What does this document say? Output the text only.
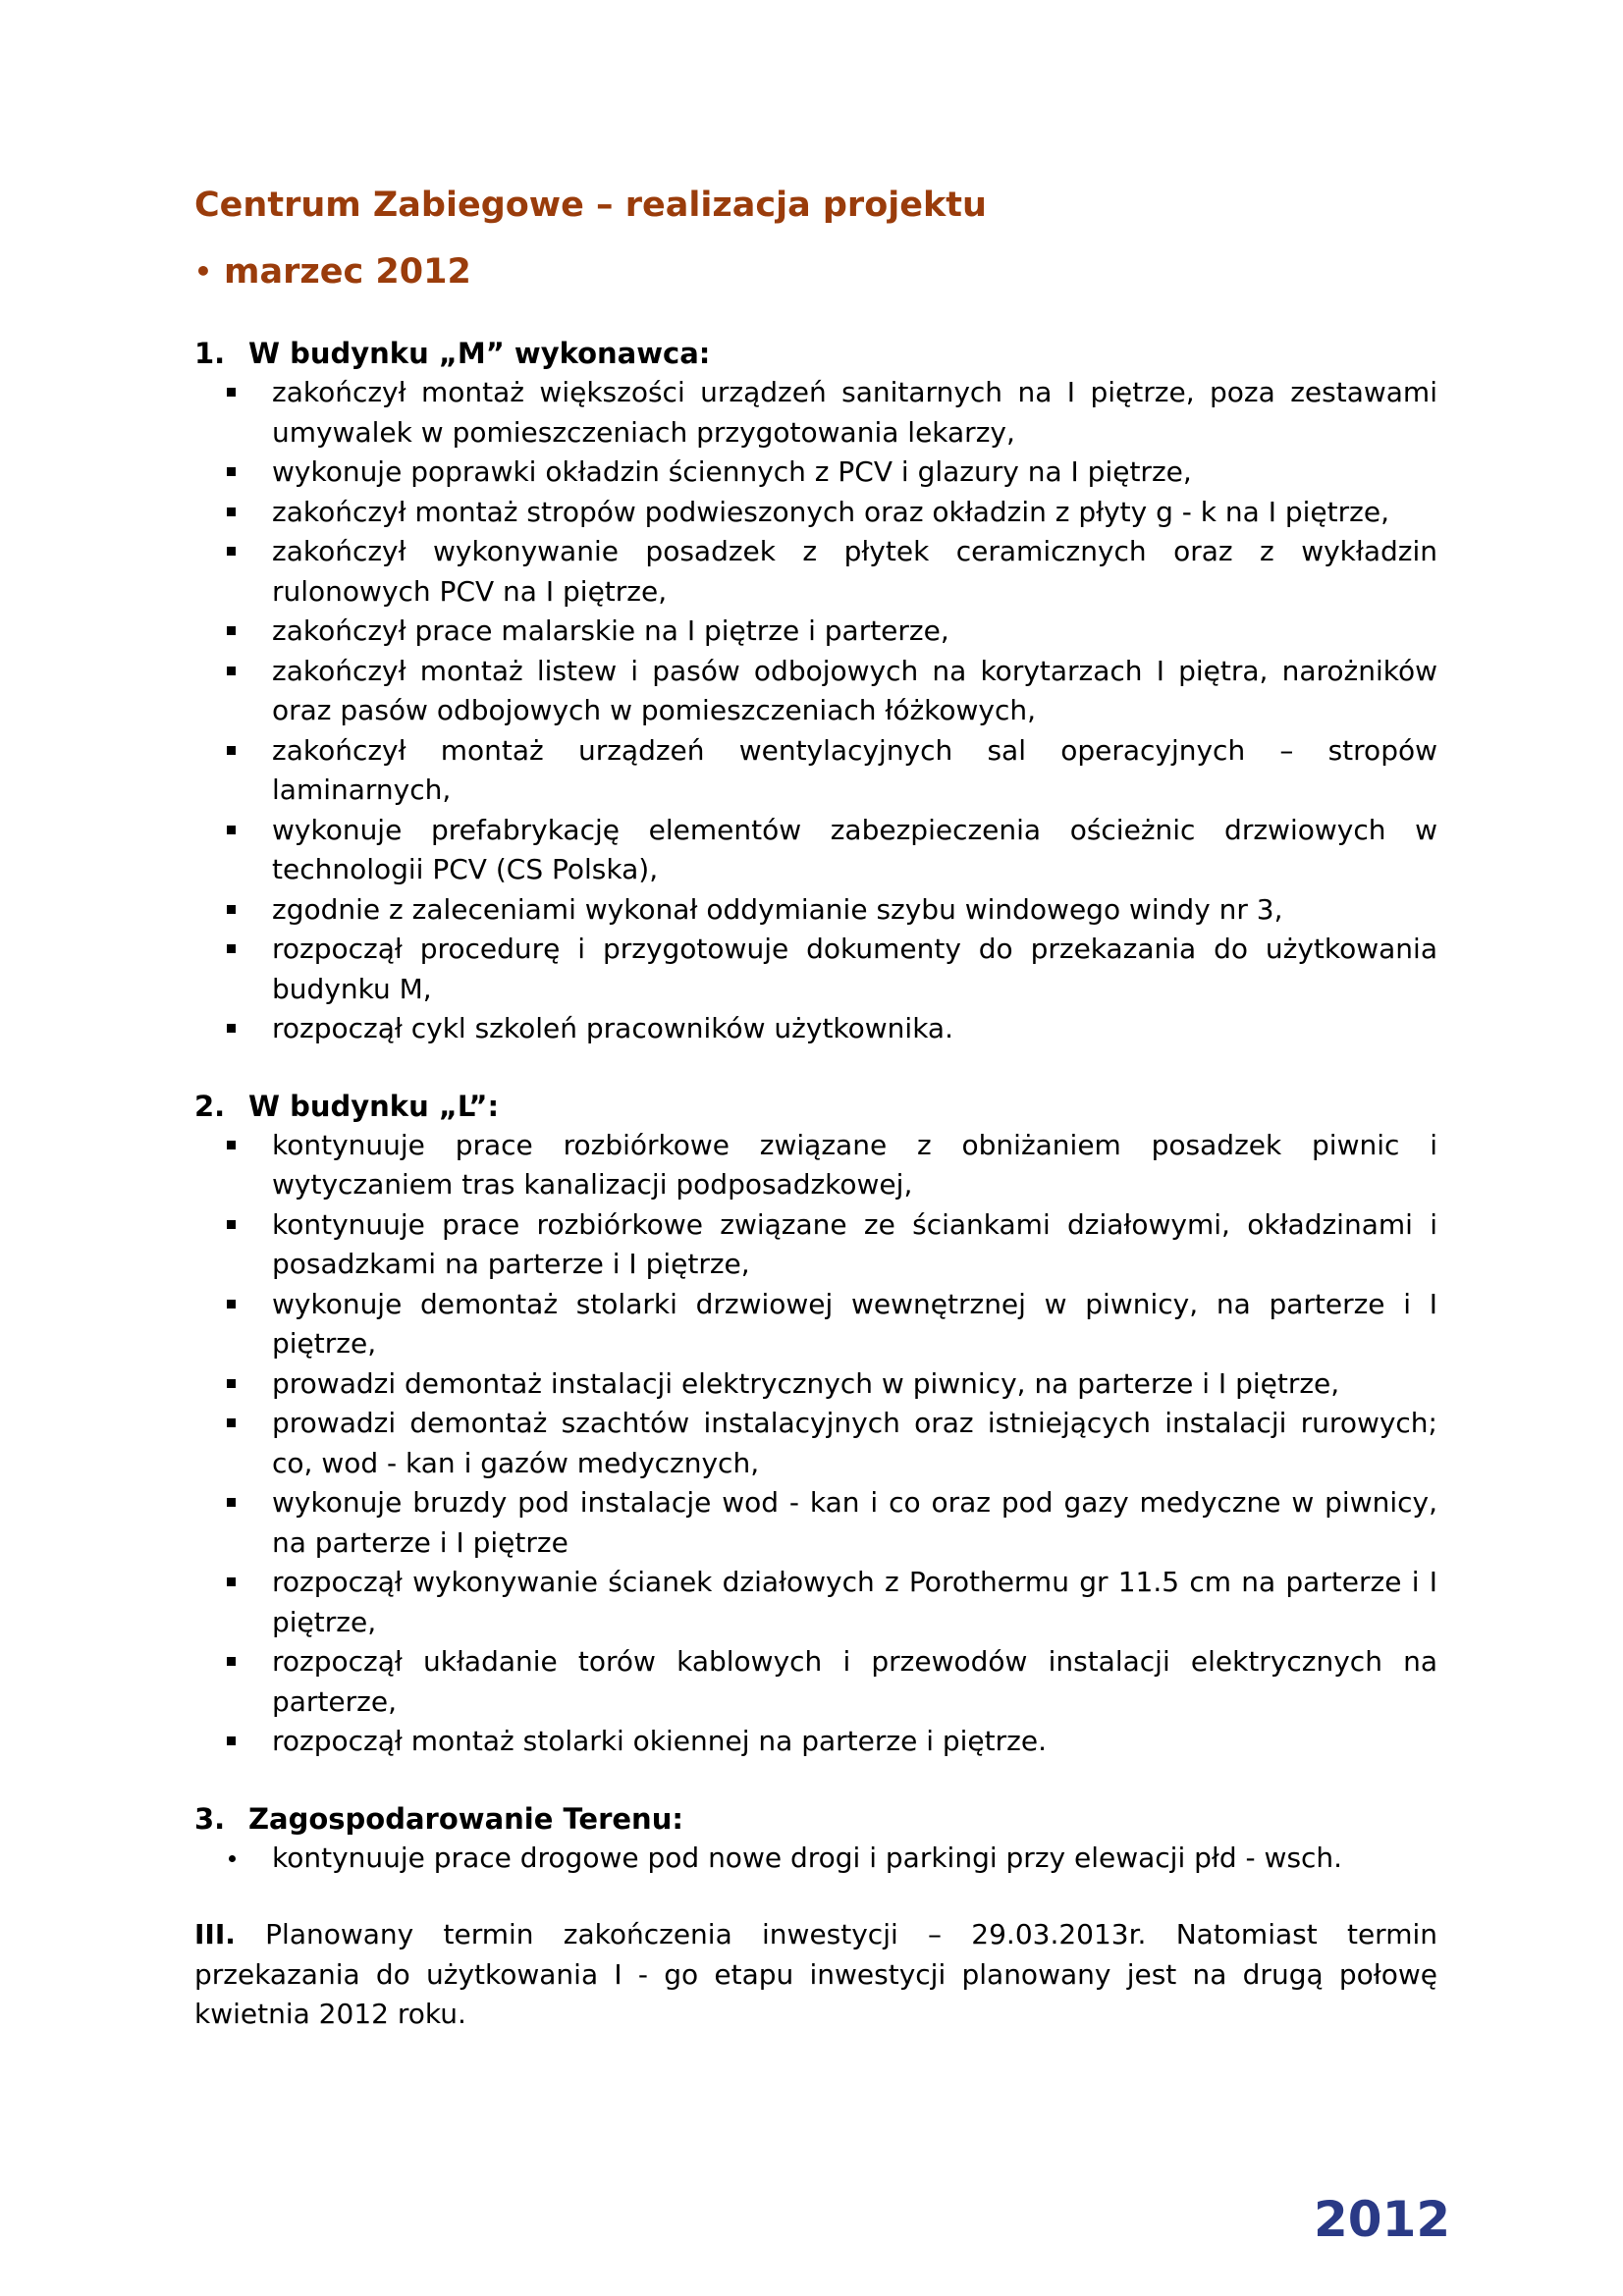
Centrum Zabiegowe – realizacja projektu
• marzec 2012
1. W budynku „M” wykonawca:
zakończył montaż większości urządzeń sanitarnych na I piętrze, poza zestawami umywalek w pomieszczeniach przygotowania lekarzy,
wykonuje poprawki okładzin ściennych z PCV i glazury na I piętrze,
zakończył montaż stropów podwieszonych oraz okładzin z płyty g - k na I piętrze,
zakończył wykonywanie posadzek z płytek ceramicznych oraz z wykładzin rulonowych PCV na I piętrze,
zakończył prace malarskie na I piętrze i parterze,
zakończył montaż listew i pasów odbojowych na korytarzach I piętra, narożników oraz pasów odbojowych w pomieszczeniach łóżkowych,
zakończył montaż urządzeń wentylacyjnych sal operacyjnych – stropów laminarnych,
wykonuje prefabrykację elementów zabezpieczenia ościeżnic drzwiowych w technologii PCV (CS Polska),
zgodnie z zaleceniami wykonał oddymianie szybu windowego windy nr 3,
rozpoczął procedurę i przygotowuje dokumenty do przekazania do użytkowania budynku M,
rozpoczął cykl szkoleń pracowników użytkownika.
2. W budynku „L”:
kontynuuje prace rozbiórkowe związane z obniżaniem posadzek piwnic i wytyczaniem tras kanalizacji podposadzkowej,
kontynuuje prace rozbiórkowe związane ze ściankami działowymi, okładzinami i posadzkami na parterze i I piętrze,
wykonuje demontaż stolarki drzwiowej wewnętrznej w piwnicy, na parterze i I piętrze,
prowadzi demontaż instalacji elektrycznych w piwnicy, na parterze i I piętrze,
prowadzi demontaż szachtów instalacyjnych oraz istniejących instalacji rurowych; co, wod - kan i gazów medycznych,
wykonuje bruzdy pod instalacje wod - kan i co oraz pod gazy medyczne w piwnicy, na parterze i I piętrze
rozpoczął wykonywanie ścianek działowych z Porothermu gr 11.5 cm na parterze i I piętrze,
rozpoczął układanie torów kablowych i przewodów instalacji elektrycznych na parterze,
rozpoczął montaż stolarki okiennej na parterze i piętrze.
3. Zagospodarowanie Terenu:
kontynuuje prace drogowe pod nowe drogi i parkingi przy elewacji płd - wsch.

III. Planowany termin zakończenia inwestycji – 29.03.2013r. Natomiast termin przekazania do użytkowania I - go etapu inwestycji planowany jest na drugą połowę kwietnia 2012 roku.

2012
